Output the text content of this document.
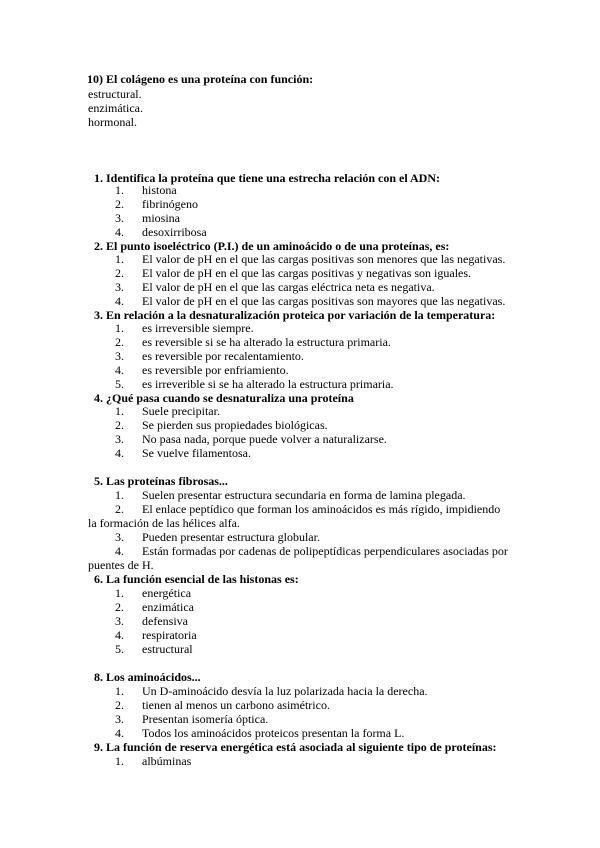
10) El colágeno es una proteína con función:
estructural.
enzimática.
hormonal.
1. Identifica la proteína que tiene una estrecha relación con el ADN:
1. histona
2. fibrinógeno
3. miosina
4. desoxirribosa
2. El punto isoeléctrico (P.I.) de un aminoácido o de una proteínas, es:
1. El valor de pH en el que las cargas positivas son menores que las negativas.
2. El valor de pH en el que las cargas positivas y negativas son iguales.
3. El valor de pH en el que las cargas eléctrica neta es negativa.
4. El valor de pH en el que las cargas positivas son mayores que las negativas.
3. En relación a la desnaturalización proteica por variación de la temperatura:
1. es irreversible siempre.
2. es reversible si se ha alterado la estructura primaria.
3. es reversible por recalentamiento.
4. es reversible por enfriamiento.
5. es irreverible si se ha alterado la estructura primaria.
4. ¿Qué pasa cuando se desnaturaliza una proteína
1. Suele precipitar.
2. Se pierden sus propiedades biológicas.
3. No pasa nada, porque puede volver a naturalizarse.
4. Se vuelve filamentosa.
5. Las proteínas fibrosas...
1. Suelen presentar estructura secundaria en forma de lamina plegada.
2. El enlace peptídico que forman los aminoácidos es más rígido, impidiendo
la formación de las hélices alfa.
3. Pueden presentar estructura globular.
4. Están formadas por cadenas de polipeptídicas perpendiculares asociadas por
puentes de H.
6. La función esencial de las histonas es:
1. energética
2. enzimática
3. defensiva
4. respiratoria
5. estructural
8. Los aminoácidos...
1. Un D-aminoácido desvía la luz polarizada hacia la derecha.
2. tienen al menos un carbono asimétrico.
3. Presentan isomería óptica.
4. Todos los aminoácidos proteicos presentan la forma L.
9. La función de reserva energética está asociada al siguiente tipo de proteínas:
1. albúminas
